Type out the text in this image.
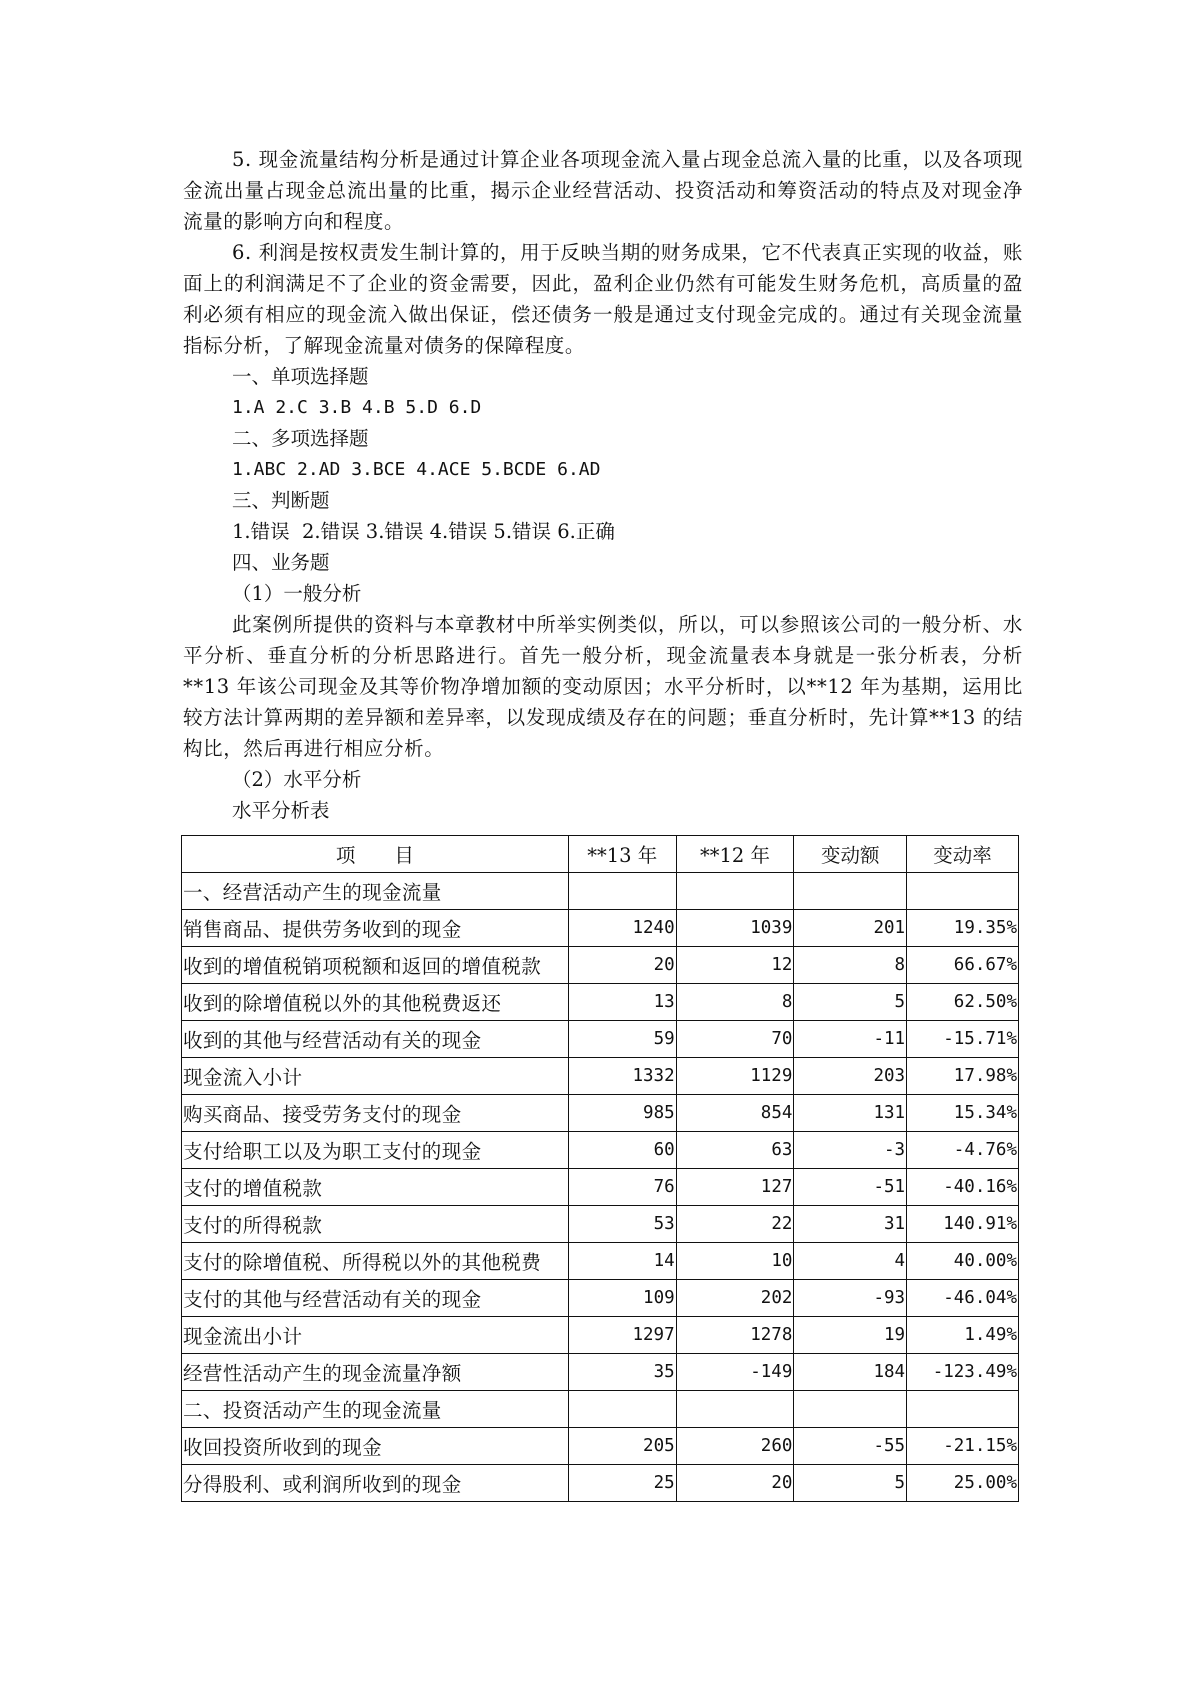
5. 现金流量结构分析是通过计算企业各项现金流入量占现金总流入量的比重，以及各项现金流出量占现金总流出量的比重，揭示企业经营活动、投资活动和筹资活动的特点及对现金净流量的影响方向和程度。

6. 利润是按权责发生制计算的，用于反映当期的财务成果，它不代表真正实现的收益，账面上的利润满足不了企业的资金需要，因此，盈利企业仍然有可能发生财务危机，高质量的盈利必须有相应的现金流入做出保证，偿还债务一般是通过支付现金完成的。通过有关现金流量指标分析，了解现金流量对债务的保障程度。

一、单项选择题

1.A 2.C 3.B 4.B 5.D 6.D

二、多项选择题

1.ABC 2.AD 3.BCE 4.ACE 5.BCDE 6.AD

三、判断题

1.错误  2.错误 3.错误 4.错误 5.错误 6.正确

四、业务题

（1）一般分析

此案例所提供的资料与本章教材中所举实例类似，所以，可以参照该公司的一般分析、水平分析、垂直分析的分析思路进行。首先一般分析，现金流量表本身就是一张分析表，分析**13 年该公司现金及其等价物净增加额的变动原因；水平分析时，以**12 年为基期，运用比较方法计算两期的差异额和差异率，以发现成绩及存在的问题；垂直分析时，先计算**13 的结构比，然后再进行相应分析。

（2）水平分析

水平分析表

项　　目	**13 年	**12 年	变动额	变动率
一、经营活动产生的现金流量				
销售商品、提供劳务收到的现金	1240	1039	201	19.35%
收到的增值税销项税额和返回的增值税款	20	12	8	66.67%
收到的除增值税以外的其他税费返还	13	8	5	62.50%
收到的其他与经营活动有关的现金	59	70	-11	-15.71%
现金流入小计	1332	1129	203	17.98%
购买商品、接受劳务支付的现金	985	854	131	15.34%
支付给职工以及为职工支付的现金	60	63	-3	-4.76%
支付的增值税款	76	127	-51	-40.16%
支付的所得税款	53	22	31	140.91%
支付的除增值税、所得税以外的其他税费	14	10	4	40.00%
支付的其他与经营活动有关的现金	109	202	-93	-46.04%
现金流出小计	1297	1278	19	1.49%
经营性活动产生的现金流量净额	35	-149	184	-123.49%
二、投资活动产生的现金流量				
收回投资所收到的现金	205	260	-55	-21.15%
分得股利、或利润所收到的现金	25	20	5	25.00%
